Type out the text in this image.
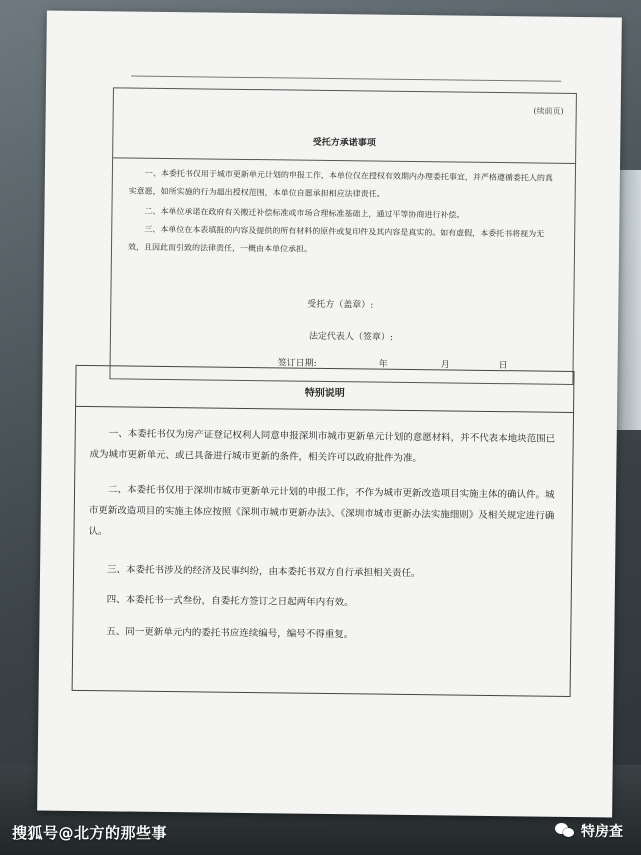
(续前页)
受托方承诺事项
一、本委托书仅用于城市更新单元计划的申报工作，本单位仅在授权有效期内办理委托事宜，并严格遵循委托人的真实意愿，如所实施的行为超出授权范围，本单位自愿承担相应法律责任。
二、本单位承诺在政府有关搬迁补偿标准或市场合理标准基础上，通过平等协商进行补偿。
三、本单位在本表填报的内容及提供的所有材料的原件或复印件及其内容是真实的。如有虚假，本委托书将视为无效，且因此而引致的法律责任，一概由本单位承担。
受托方（盖章）:
法定代表人（签章）:
签订日期:	年	月	日
特别说明
一、本委托书仅为房产证登记权利人同意申报深圳市城市更新单元计划的意愿材料，并不代表本地块范围已成为城市更新单元、或已具备进行城市更新的条件，相关许可以政府批件为准。
二、本委托书仅用于深圳市城市更新单元计划的申报工作，不作为城市更新改造项目实施主体的确认件。城市更新改造项目的实施主体应按照《深圳市城市更新办法》、《深圳市城市更新办法实施细则》及相关规定进行确认。
三、本委托书涉及的经济及民事纠纷，由本委托书双方自行承担相关责任。
四、本委托书一式叁份，自委托方签订之日起两年内有效。
五、同一更新单元内的委托书应连续编号，编号不得重复。
搜狐号@北方的那些事	特房查
